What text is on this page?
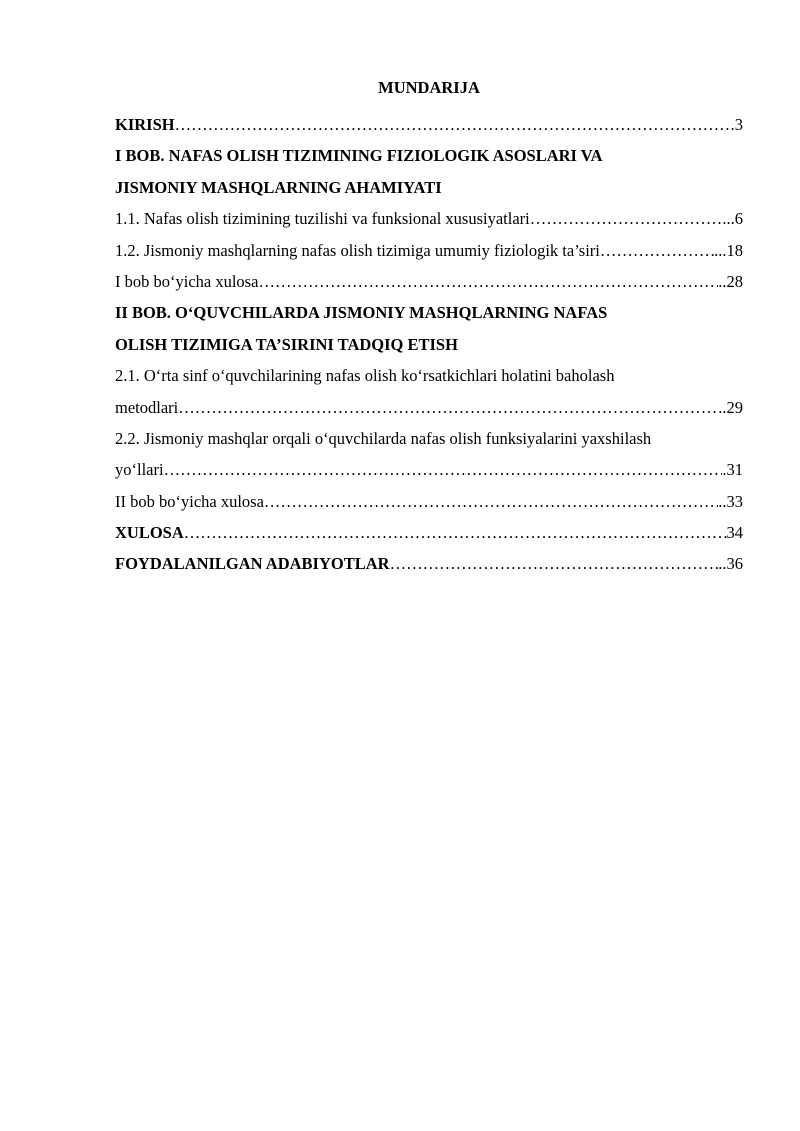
MUNDARIJA
KIRISH …………………………………………………………………………………………………………………………………………………………………………………………………	.3
I BOB. NAFAS OLISH TIZIMINING FIZIOLOGIK ASOSLARI VA
JISMONIY MASHQLARNING AHAMIYATI
1.1. Nafas olish tizimining tuzilishi va funksional xususiyatlari …………………………………………………………………………………………………………………………………………………………………………………………………	...6
1.2. Jismoniy mashqlarning nafas olish tizimiga umumiy fiziologik ta’siri …………………………………………………………………………………………………………………………………………………………………………………………………	...18
I bob bo‘yicha xulosa …………………………………………………………………………………………………………………………………………………………………………………………………	..28
II BOB. O‘QUVCHILARDA JISMONIY MASHQLARNING NAFAS
OLISH TIZIMIGA TA’SIRINI TADQIQ ETISH
2.1. O‘rta sinf o‘quvchilarining nafas olish ko‘rsatkichlari holatini baholash
metodlari …………………………………………………………………………………………………………………………………………………………………………………………………	..29
2.2. Jismoniy mashqlar orqali o‘quvchilarda nafas olish funksiyalarini yaxshilash
yo‘llari …………………………………………………………………………………………………………………………………………………………………………………………………	.31
II bob bo‘yicha xulosa …………………………………………………………………………………………………………………………………………………………………………………………………	..33
XULOSA …………………………………………………………………………………………………………………………………………………………………………………………………	34
FOYDALANILGAN ADABIYOTLAR …………………………………………………………………………………………………………………………………………………………………………………………………	..36
